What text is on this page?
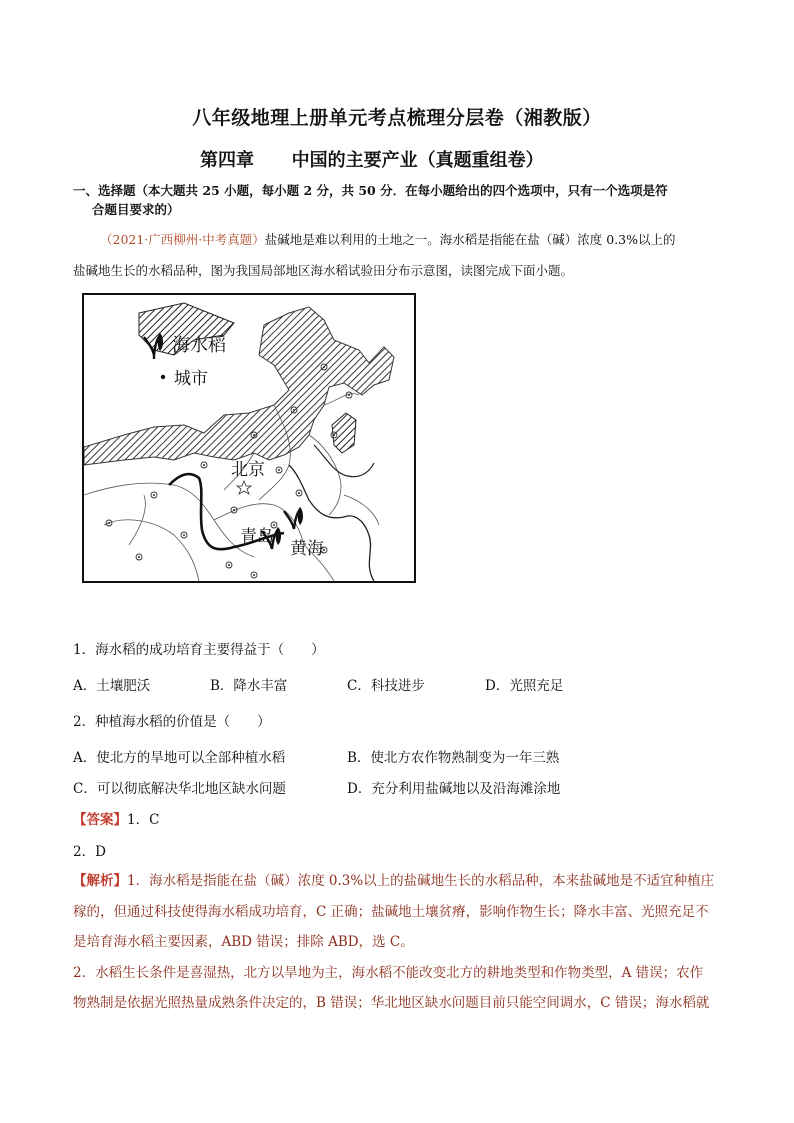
八年级地理上册单元考点梳理分层卷（湘教版）
第四章 中国的主要产业（真题重组卷）
一、选择题（本大题共 25 小题，每小题 2 分，共 50 分．在每小题给出的四个选项中，只有一个选项是符
合题目要求的）
（2021·广西柳州·中考真题）盐碱地是难以利用的土地之一。海水稻是指能在盐（碱）浓度 0.3%以上的
盐碱地生长的水稻品种，图为我国局部地区海水稻试验田分布示意图，读图完成下面小题。
海水稻
城市
北京
青岛
黄海
1．海水稻的成功培育主要得益于（　　）
A．土壤肥沃	B．降水丰富	C．科技进步	D．光照充足
2．种植海水稻的价值是（　　）
A．使北方的旱地可以全部种植水稻	B．使北方农作物熟制变为一年三熟
C．可以彻底解决华北地区缺水问题	D．充分利用盐碱地以及沿海滩涂地
【答案】1．C
2．D
【解析】1．海水稻是指能在盐（碱）浓度 0.3%以上的盐碱地生长的水稻品种，本来盐碱地是不适宜种植庄
稼的，但通过科技使得海水稻成功培育，C 正确；盐碱地土壤贫瘠，影响作物生长；降水丰富、光照充足不
是培育海水稻主要因素，ABD 错误；排除 ABD，选 C。
2．水稻生长条件是喜湿热，北方以旱地为主，海水稻不能改变北方的耕地类型和作物类型，A 错误；农作
物熟制是依据光照热量成熟条件决定的，B 错误；华北地区缺水问题目前只能空间调水，C 错误；海水稻就
